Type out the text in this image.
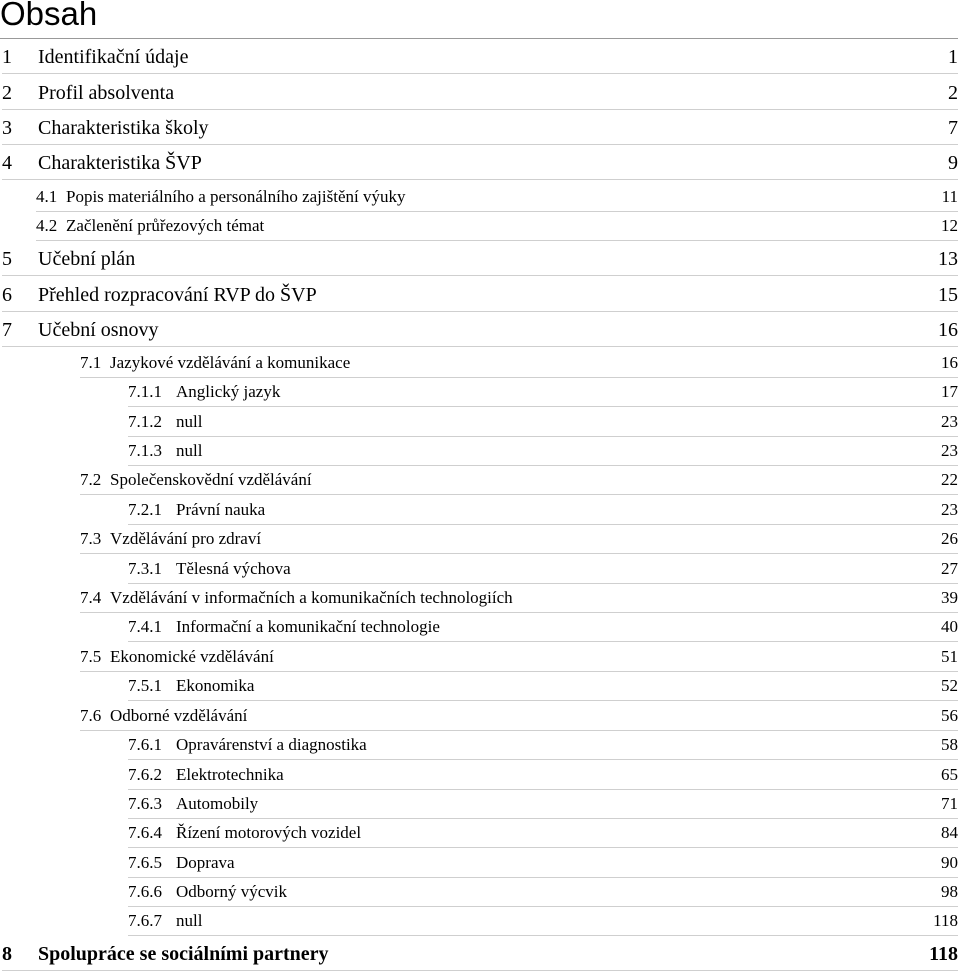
Obsah
1	Identifikační údaje	1
2	Profil absolventa	2
3	Charakteristika školy	7
4	Charakteristika ŠVP	9
4.1 Popis materiálního a personálního zajištění výuky	11
4.2 Začlenění průřezových témat	12
5	Učební plán	13
6	Přehled rozpracování RVP do ŠVP	15
7	Učební osnovy	16
7.1 Jazykové vzdělávání a komunikace	16
7.1.1 Anglický jazyk	17
7.1.2 null	23
7.1.3 null	23
7.2 Společenskovědní vzdělávání	22
7.2.1 Právní nauka	23
7.3 Vzdělávání pro zdraví	26
7.3.1 Tělesná výchova	27
7.4 Vzdělávání v informačních a komunikačních technologiích	39
7.4.1 Informační a komunikační technologie	40
7.5 Ekonomické vzdělávání	51
7.5.1 Ekonomika	52
7.6 Odborné vzdělávání	56
7.6.1 Opravárenství a diagnostika	58
7.6.2 Elektrotechnika	65
7.6.3 Automobily	71
7.6.4 Řízení motorových vozidel	84
7.6.5 Doprava	90
7.6.6 Odborný výcvik	98
7.6.7 null	118
8	Spolupráce se sociálními partnery	118
